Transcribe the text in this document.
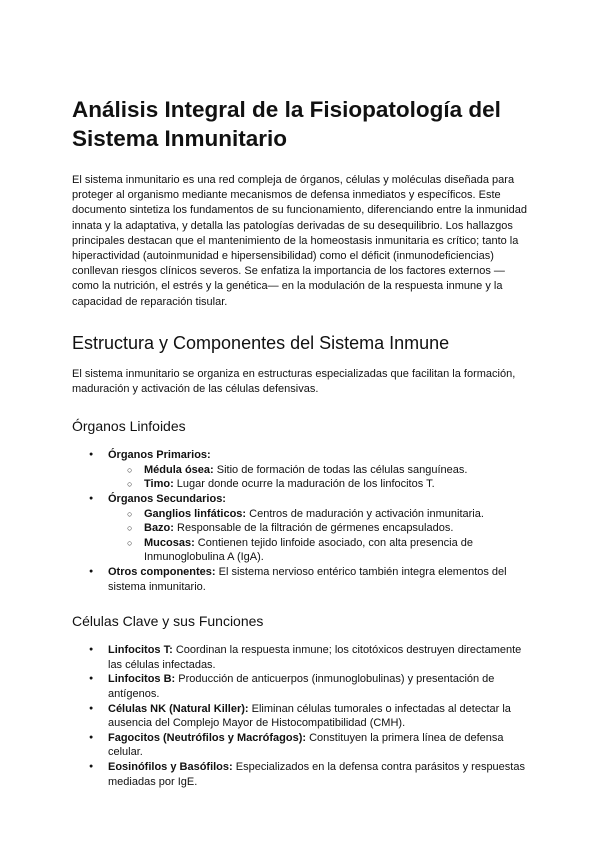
Análisis Integral de la Fisiopatología del Sistema Inmunitario

El sistema inmunitario es una red compleja de órganos, células y moléculas diseñada para proteger al organismo mediante mecanismos de defensa inmediatos y específicos. Este documento sintetiza los fundamentos de su funcionamiento, diferenciando entre la inmunidad innata y la adaptativa, y detalla las patologías derivadas de su desequilibrio. Los hallazgos principales destacan que el mantenimiento de la homeostasis inmunitaria es crítico; tanto la hiperactividad (autoinmunidad e hipersensibilidad) como el déficit (inmunodeficiencias) conllevan riesgos clínicos severos. Se enfatiza la importancia de los factores externos —como la nutrición, el estrés y la genética— en la modulación de la respuesta inmune y la capacidad de reparación tisular.

Estructura y Componentes del Sistema Inmune

El sistema inmunitario se organiza en estructuras especializadas que facilitan la formación, maduración y activación de las células defensivas.

Órganos Linfoides
● Órganos Primarios:
○ Médula ósea: Sitio de formación de todas las células sanguíneas.
○ Timo: Lugar donde ocurre la maduración de los linfocitos T.
● Órganos Secundarios:
○ Ganglios linfáticos: Centros de maduración y activación inmunitaria.
○ Bazo: Responsable de la filtración de gérmenes encapsulados.
○ Mucosas: Contienen tejido linfoide asociado, con alta presencia de Inmunoglobulina A (IgA).
● Otros componentes: El sistema nervioso entérico también integra elementos del sistema inmunitario.
Células Clave y sus Funciones
● Linfocitos T: Coordinan la respuesta inmune; los citotóxicos destruyen directamente las células infectadas.
● Linfocitos B: Producción de anticuerpos (inmunoglobulinas) y presentación de antígenos.
● Células NK (Natural Killer): Eliminan células tumorales o infectadas al detectar la ausencia del Complejo Mayor de Histocompatibilidad (CMH).
● Fagocitos (Neutrófilos y Macrófagos): Constituyen la primera línea de defensa celular.
● Eosinófilos y Basófilos: Especializados en la defensa contra parásitos y respuestas mediadas por IgE.
